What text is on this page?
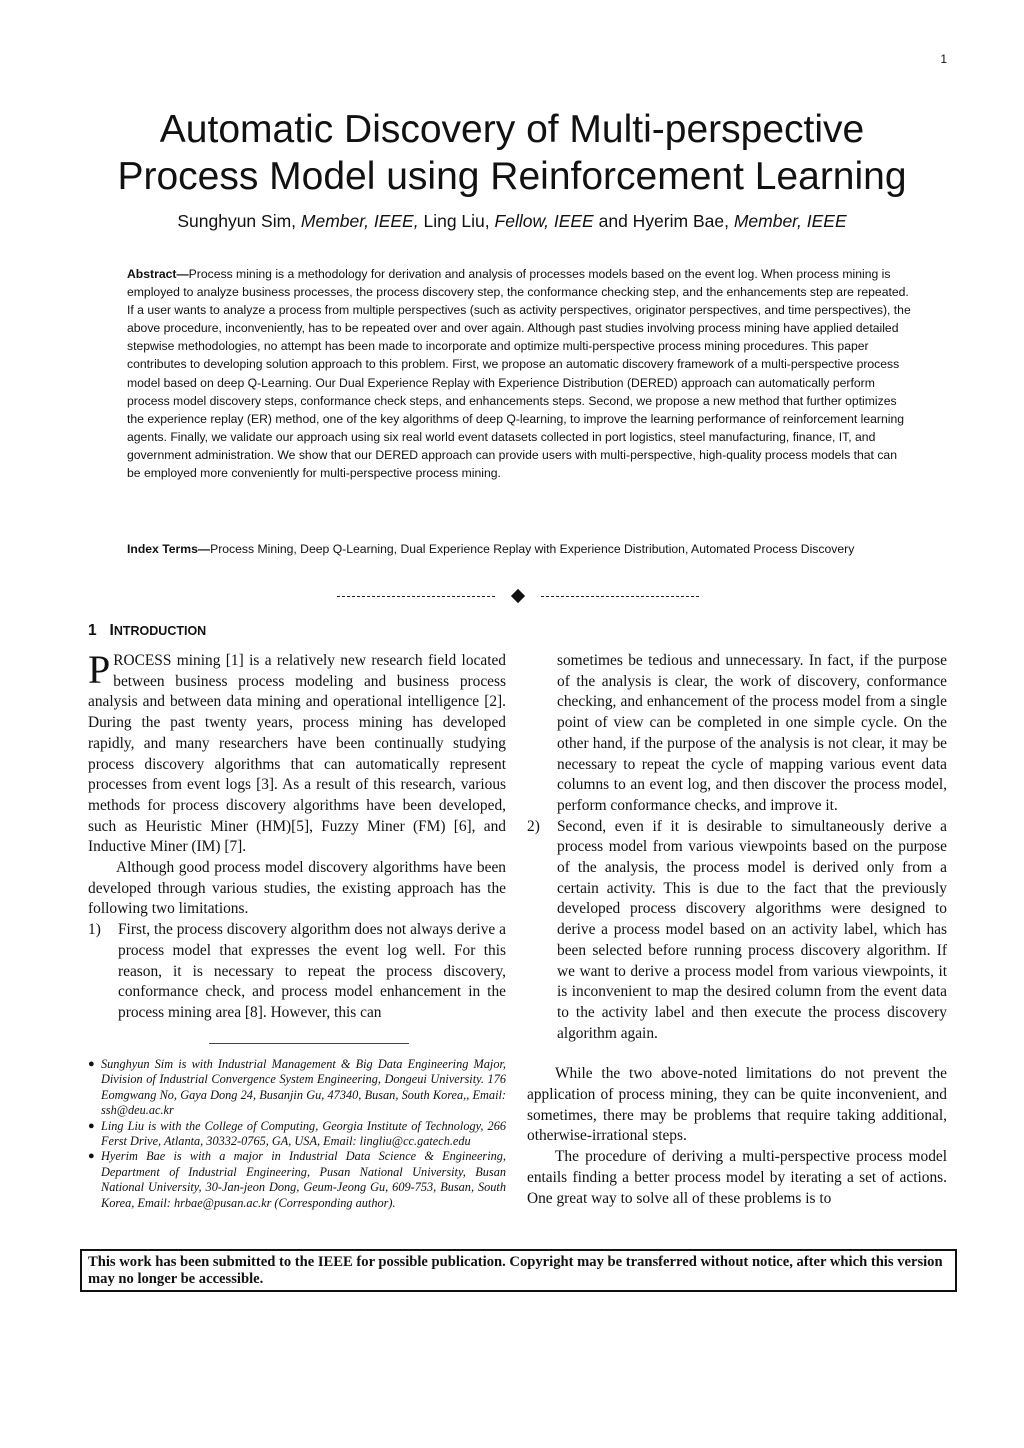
1
Automatic Discovery of Multi-perspective
Process Model using Reinforcement Learning
Sunghyun Sim, Member, IEEE, Ling Liu, Fellow, IEEE and Hyerim Bae, Member, IEEE

Abstract—Process mining is a methodology for derivation and analysis of processes models based on the event log. When process mining is employed to analyze business processes, the process discovery step, the conformance checking step, and the enhancements step are repeated. If a user wants to analyze a process from multiple perspectives (such as activity perspectives, originator perspectives, and time perspectives), the above procedure, inconveniently, has to be repeated over and over again. Although past studies involving process mining have applied detailed stepwise methodologies, no attempt has been made to incorporate and optimize multi-perspective process mining procedures. This paper contributes to developing solution approach to this problem. First, we propose an automatic discovery framework of a multi-perspective process model based on deep Q-Learning. Our Dual Experience Replay with Experience Distribution (DERED) approach can automatically perform process model discovery steps, conformance check steps, and enhancements steps. Second, we propose a new method that further optimizes the experience replay (ER) method, one of the key algorithms of deep Q-learning, to improve the learning performance of reinforcement learning agents. Finally, we validate our approach using six real world event datasets collected in port logistics, steel manufacturing, finance, IT, and government administration. We show that our DERED approach can provide users with multi-perspective, high-quality process models that can be employed more conveniently for multi-perspective process mining.

Index Terms—Process Mining, Deep Q-Learning, Dual Experience Replay with Experience Distribution, Automated Process Discovery

1 INTRODUCTION

PROCESS mining [1] is a relatively new research field located between business process modeling and business process analysis and between data mining and operational intelligence [2]. During the past twenty years, process mining has developed rapidly, and many researchers have been continually studying process discovery algorithms that can automatically represent processes from event logs [3]. As a result of this research, various methods for process discovery algorithms have been developed, such as Heuristic Miner (HM)[5], Fuzzy Miner (FM) [6], and Inductive Miner (IM) [7].

Although good process model discovery algorithms have been developed through various studies, the existing approach has the following two limitations.

1)	First, the process discovery algorithm does not always derive a process model that expresses the event log well. For this reason, it is necessary to repeat the process discovery, conformance check, and process model enhancement in the process mining area [8]. However, this can
● Sunghyun Sim is with Industrial Management & Big Data Engineering Major, Division of Industrial Convergence System Engineering, Dongeui University. 176 Eomgwang No, Gaya Dong 24, Busanjin Gu, 47340, Busan, South Korea,, Email: ssh@deu.ac.kr
● Ling Liu is with the College of Computing, Georgia Institute of Technology, 266 Ferst Drive, Atlanta, 30332-0765, GA, USA, Email: lingliu@cc.gatech.edu
● Hyerim Bae is with a major in Industrial Data Science & Engineering, Department of Industrial Engineering, Pusan National University, Busan National University, 30-Jan-jeon Dong, Geum-Jeong Gu, 609-753, Busan, South Korea, Email: hrbae@pusan.ac.kr (Corresponding author).

sometimes be tedious and unnecessary. In fact, if the purpose of the analysis is clear, the work of discovery, conformance checking, and enhancement of the process model from a single point of view can be completed in one simple cycle. On the other hand, if the purpose of the analysis is not clear, it may be necessary to repeat the cycle of mapping various event data columns to an event log, and then discover the process model, perform conformance checks, and improve it.

2)	Second, even if it is desirable to simultaneously derive a process model from various viewpoints based on the purpose of the analysis, the process model is derived only from a certain activity. This is due to the fact that the previously developed process discovery algorithms were designed to derive a process model based on an activity label, which has been selected before running process discovery algorithm. If we want to derive a process model from various viewpoints, it is inconvenient to map the desired column from the event data to the activity label and then execute the process discovery algorithm again.

While the two above-noted limitations do not prevent the application of process mining, they can be quite inconvenient, and sometimes, there may be problems that require taking additional, otherwise-irrational steps.

The procedure of deriving a multi-perspective process model entails finding a better process model by iterating a set of actions. One great way to solve all of these problems is to

This work has been submitted to the IEEE for possible publication. Copyright may be transferred without notice, after which this version may no longer be accessible.
